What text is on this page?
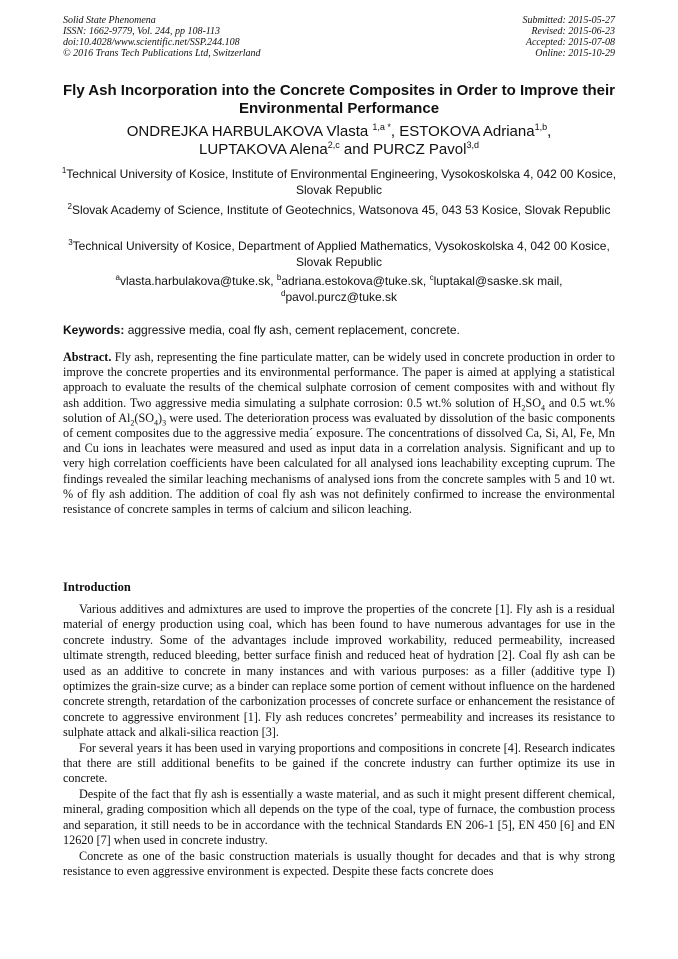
Solid State Phenomena
ISSN: 1662-9779, Vol. 244, pp 108-113
doi:10.4028/www.scientific.net/SSP.244.108
© 2016 Trans Tech Publications Ltd, Switzerland
Submitted: 2015-05-27
Revised: 2015-06-23
Accepted: 2015-07-08
Online: 2015-10-29
Fly Ash Incorporation into the Concrete Composites in Order to Improve their Environmental Performance
ONDREJKA HARBULAKOVA Vlasta $^{1,a *}$, ESTOKOVA Adriana$^{1,b}$,
LUPTAKOVA Alena$^{2,c}$ and PURCZ Pavol$^{3,d}$
$^1$Technical University of Kosice, Institute of Environmental Engineering, Vysokoskolska 4, 042 00 Kosice, Slovak Republic
$^2$Slovak Academy of Science, Institute of Geotechnics, Watsonova 45, 043 53 Kosice, Slovak Republic
$^3$Technical University of Kosice, Department of Applied Mathematics, Vysokoskolska 4, 042 00 Kosice, Slovak Republic
$^a$vlasta.harbulakova@tuke.sk, $^b$adriana.estokova@tuke.sk, $^c$luptakal@saske.sk mail,
$^d$pavol.purcz@tuke.sk
Keywords: aggressive media, coal fly ash, cement replacement, concrete.

Abstract. Fly ash, representing the fine particulate matter, can be widely used in concrete production in order to improve the concrete properties and its environmental performance. The paper is aimed at applying a statistical approach to evaluate the results of the chemical sulphate corrosion of cement composites with and without fly ash addition. Two aggressive media simulating a sulphate corrosion: 0.5 wt.% solution of $H_2SO_4$ and 0.5 wt.% solution of $Al_2(SO_4)_3$ were used. The deterioration process was evaluated by dissolution of the basic components of cement composites due to the aggressive media´ exposure. The concentrations of dissolved Ca, Si, Al, Fe, Mn and Cu ions in leachates were measured and used as input data in a correlation analysis. Significant and up to very high correlation coefficients have been calculated for all analysed ions leachability excepting cuprum. The findings revealed the similar leaching mechanisms of analysed ions from the concrete samples with 5 and 10 wt. % of fly ash addition. The addition of coal fly ash was not definitely confirmed to increase the environmental resistance of concrete samples in terms of calcium and silicon leaching.

Introduction

Various additives and admixtures are used to improve the properties of the concrete [1]. Fly ash is a residual material of energy production using coal, which has been found to have numerous advantages for use in the concrete industry. Some of the advantages include improved workability, reduced permeability, increased ultimate strength, reduced bleeding, better surface finish and reduced heat of hydration [2]. Coal fly ash can be used as an additive to concrete in many instances and with various purposes: as a filler (additive type I) optimizes the grain-size curve; as a binder can replace some portion of cement without influence on the hardened concrete strength, retardation of the carbonization processes of concrete surface or enhancement the resistance of concrete to aggressive environment [1]. Fly ash reduces concretes’ permeability and increases its resistance to sulphate attack and alkali-silica reaction [3].

For several years it has been used in varying proportions and compositions in concrete [4]. Research indicates that there are still additional benefits to be gained if the concrete industry can further optimize its use in concrete.

Despite of the fact that fly ash is essentially a waste material, and as such it might present different chemical, mineral, grading composition which all depends on the type of the coal, type of furnace, the combustion process and separation, it still needs to be in accordance with the technical Standards EN 206-1 [5], EN 450 [6] and EN 12620 [7] when used in concrete industry.

Concrete as one of the basic construction materials is usually thought for decades and that is why strong resistance to even aggressive environment is expected. Despite these facts concrete does
